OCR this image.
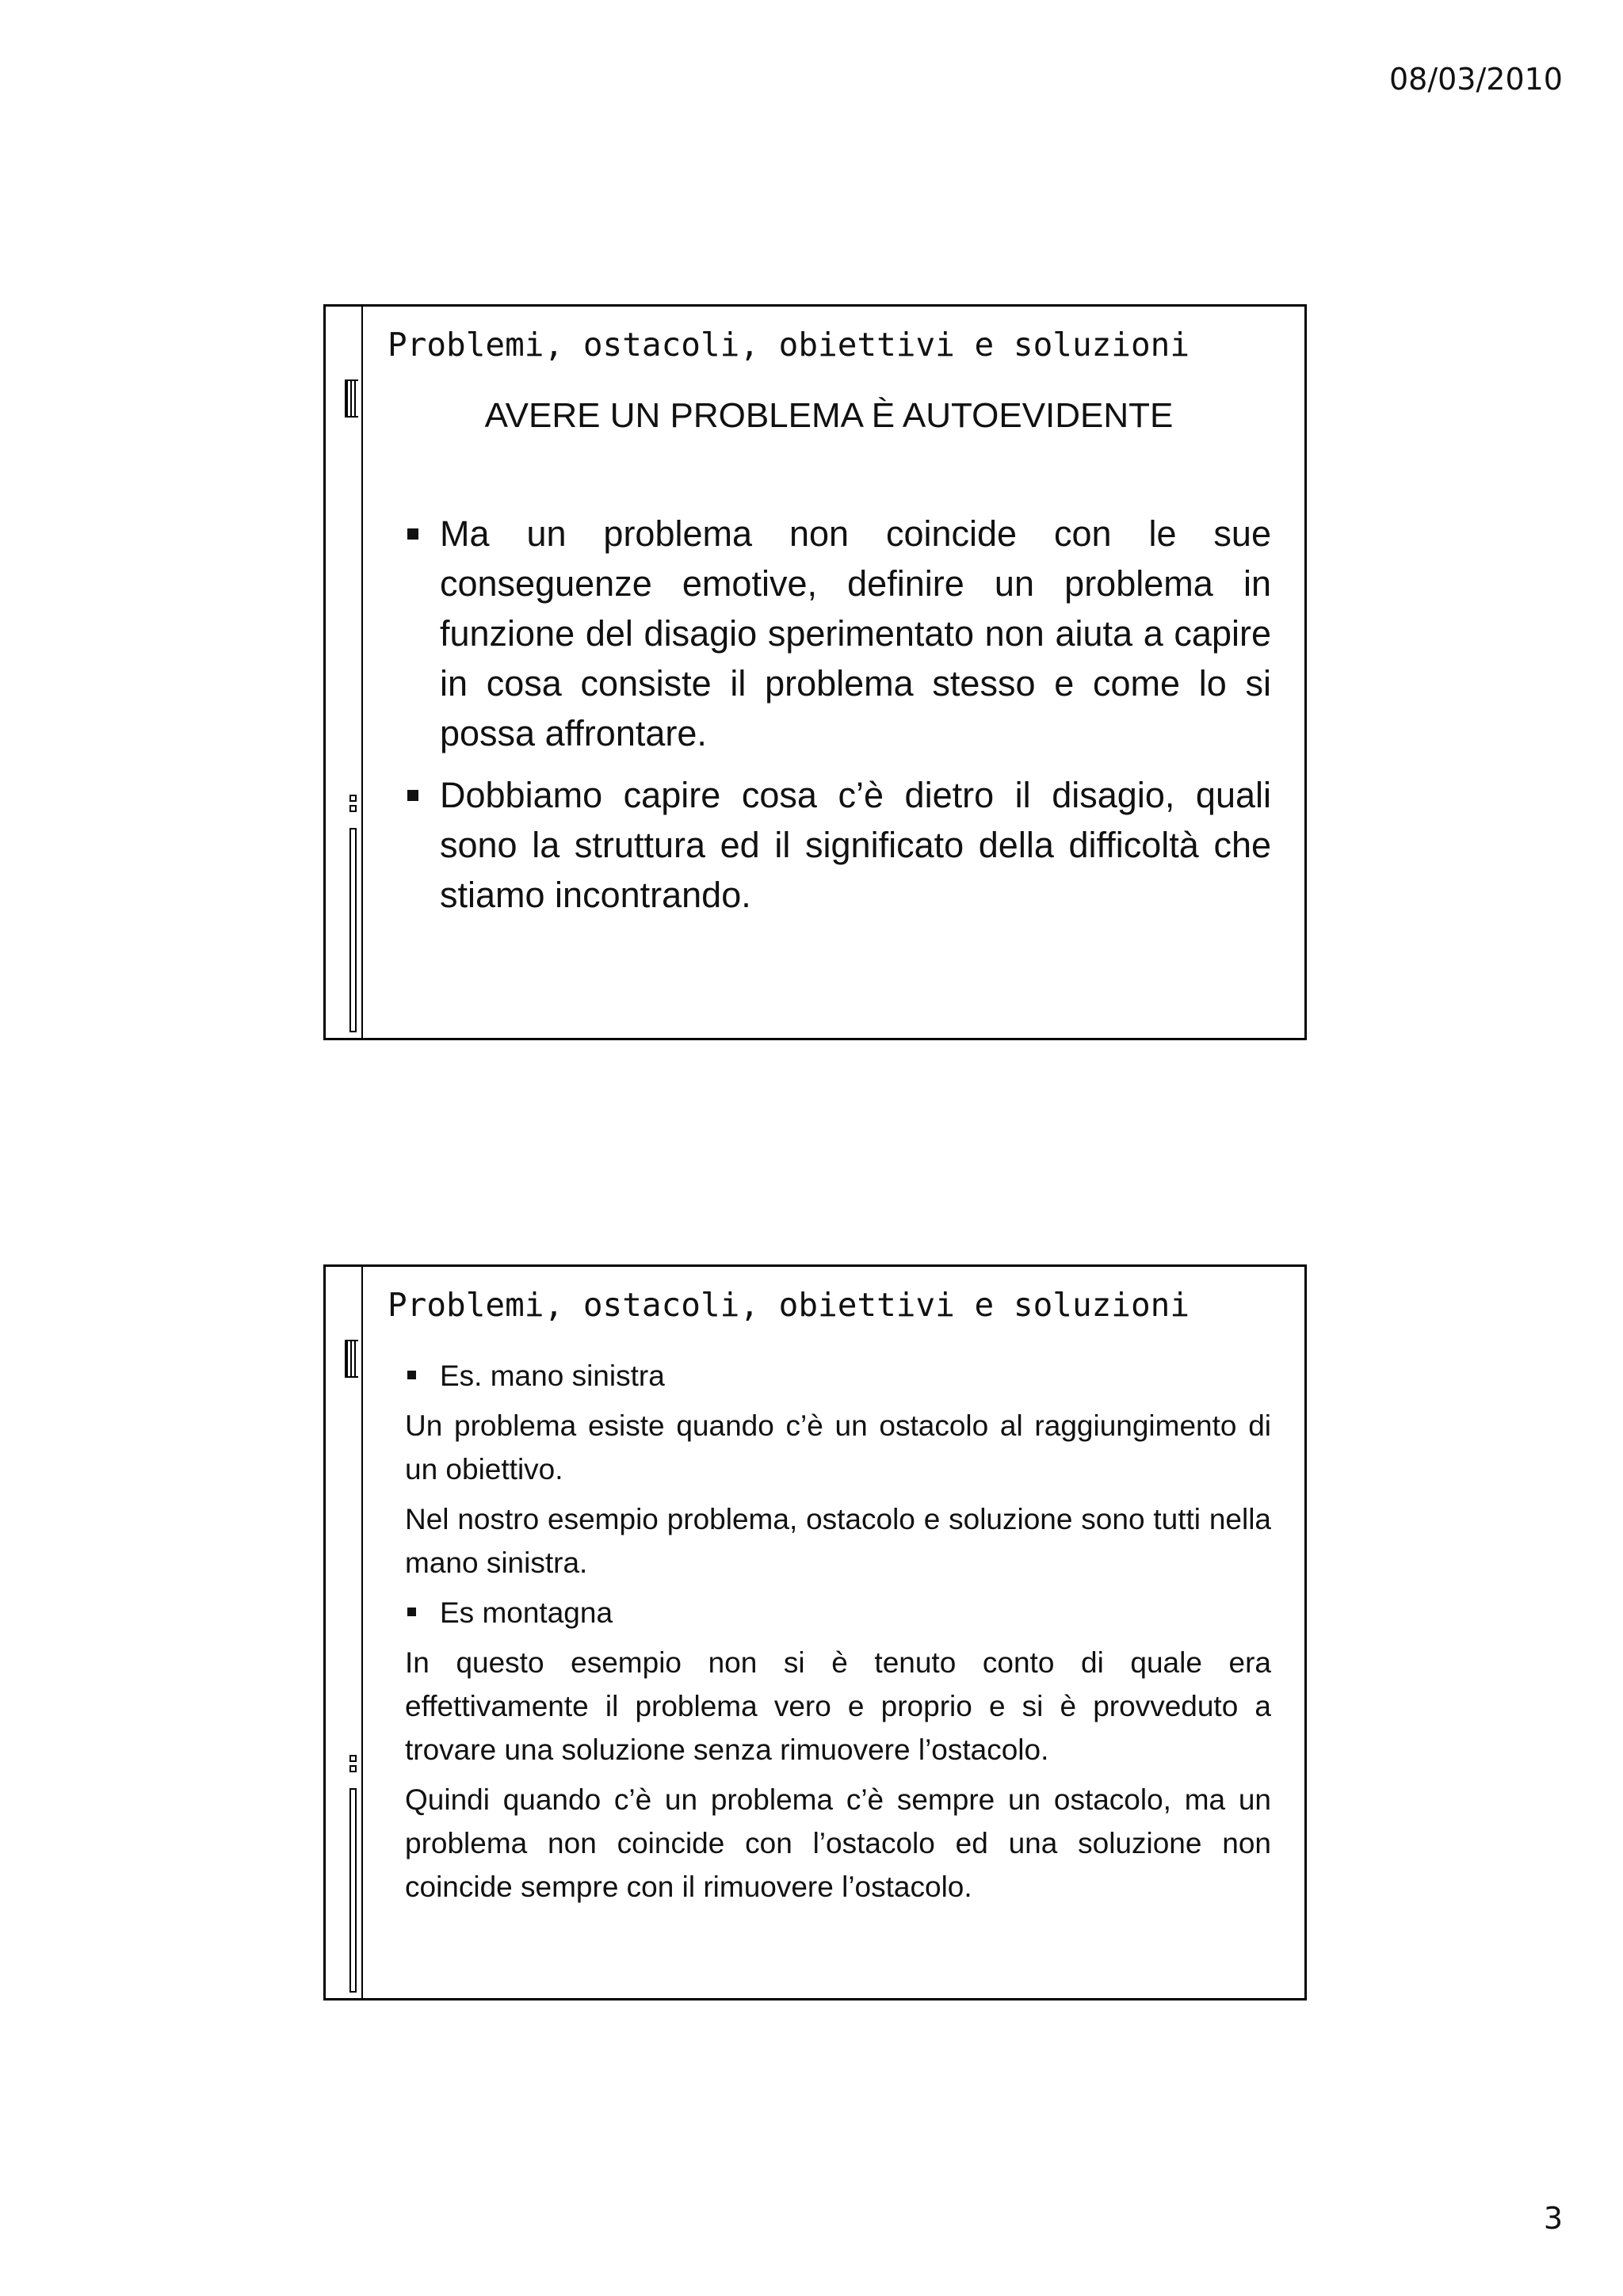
08/03/2010
Problemi, ostacoli, obiettivi e soluzioni
AVERE UN PROBLEMA È AUTOEVIDENTE
Ma un problema non coincide con le sue conseguenze emotive, definire un problema in funzione del disagio sperimentato non aiuta a capire in cosa consiste il problema stesso e come lo si possa affrontare.
Dobbiamo capire cosa c’è dietro il disagio, quali sono la struttura ed il significato della difficoltà che stiamo incontrando.
Problemi, ostacoli, obiettivi e soluzioni
Es. mano sinistra
Un problema esiste quando c’è un ostacolo al raggiungimento di un obiettivo.
Nel nostro esempio problema, ostacolo e soluzione sono tutti nella mano sinistra.
Es montagna
In questo esempio non si è tenuto conto di quale era effettivamente il problema vero e proprio e si è provveduto a trovare una soluzione senza rimuovere l’ostacolo.
Quindi quando c’è un problema c’è sempre un ostacolo, ma un problema non coincide con l’ostacolo ed una soluzione non coincide sempre con il rimuovere l’ostacolo.
3
